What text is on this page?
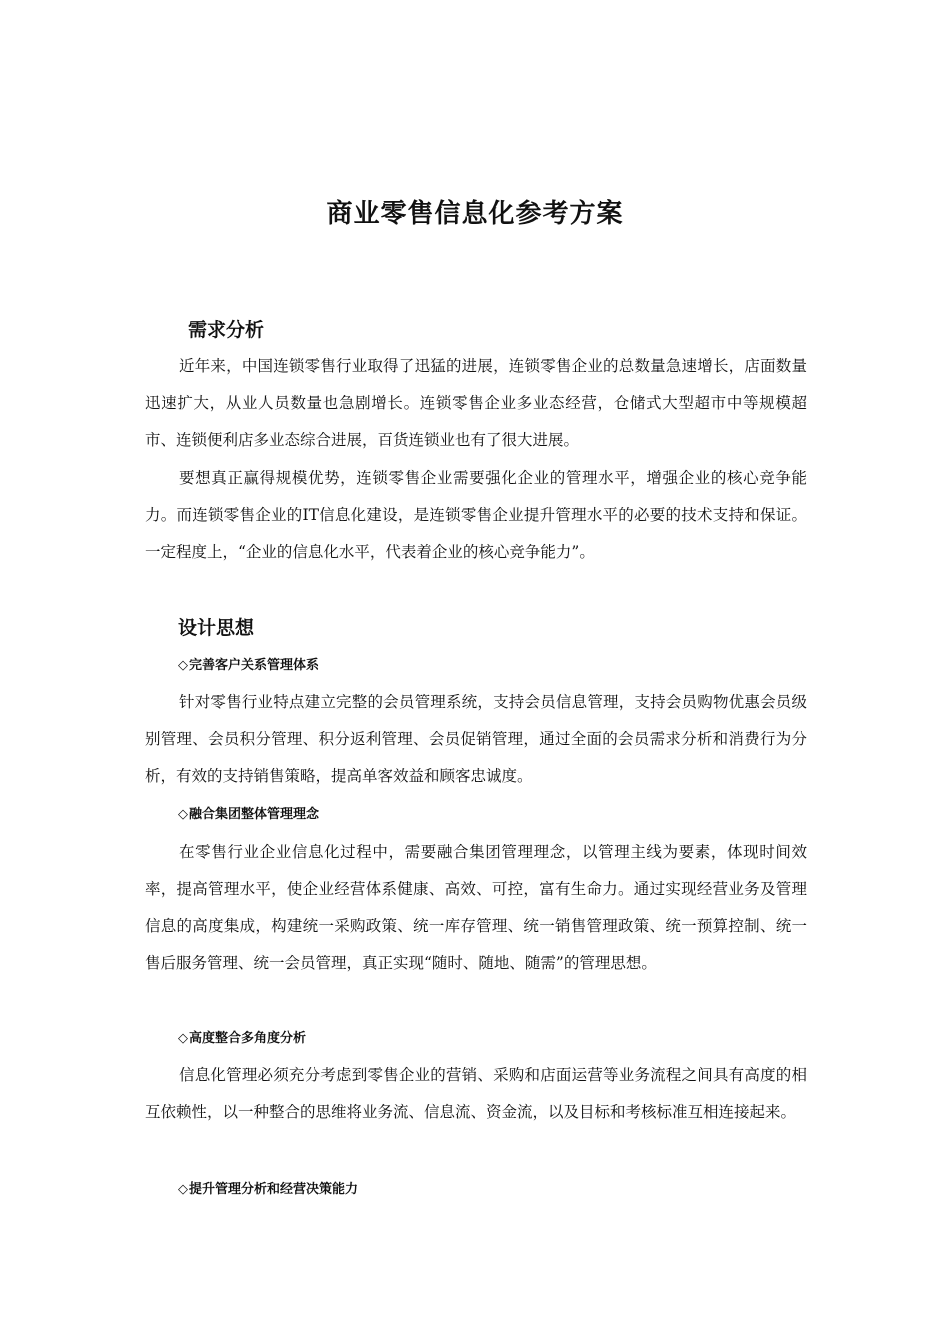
商业零售信息化参考方案
需求分析

近年来，中国连锁零售行业取得了迅猛的进展，连锁零售企业的总数量急速增长，店面数量迅速扩大，从业人员数量也急剧增长。连锁零售企业多业态经营，仓储式大型超市中等规模超市、连锁便利店多业态综合进展，百货连锁业也有了很大进展。

要想真正赢得规模优势，连锁零售企业需要强化企业的管理水平，增强企业的核心竞争能力。而连锁零售企业的IT信息化建设，是连锁零售企业提升管理水平的必要的技术支持和保证。一定程度上，“企业的信息化水平，代表着企业的核心竞争能力”。

设计思想

◇完善客户关系管理体系

针对零售行业特点建立完整的会员管理系统，支持会员信息管理，支持会员购物优惠会员级别管理、会员积分管理、积分返利管理、会员促销管理，通过全面的会员需求分析和消费行为分析，有效的支持销售策略，提高单客效益和顾客忠诚度。

◇融合集团整体管理理念

在零售行业企业信息化过程中，需要融合集团管理理念，以管理主线为要素，体现时间效率，提高管理水平，使企业经营体系健康、高效、可控，富有生命力。通过实现经营业务及管理信息的高度集成，构建统一采购政策、统一库存管理、统一销售管理政策、统一预算控制、统一售后服务管理、统一会员管理，真正实现“随时、随地、随需”的管理思想。

◇高度整合多角度分析

信息化管理必须充分考虑到零售企业的营销、采购和店面运营等业务流程之间具有高度的相互依赖性，以一种整合的思维将业务流、信息流、资金流，以及目标和考核标准互相连接起来。

◇提升管理分析和经营决策能力
